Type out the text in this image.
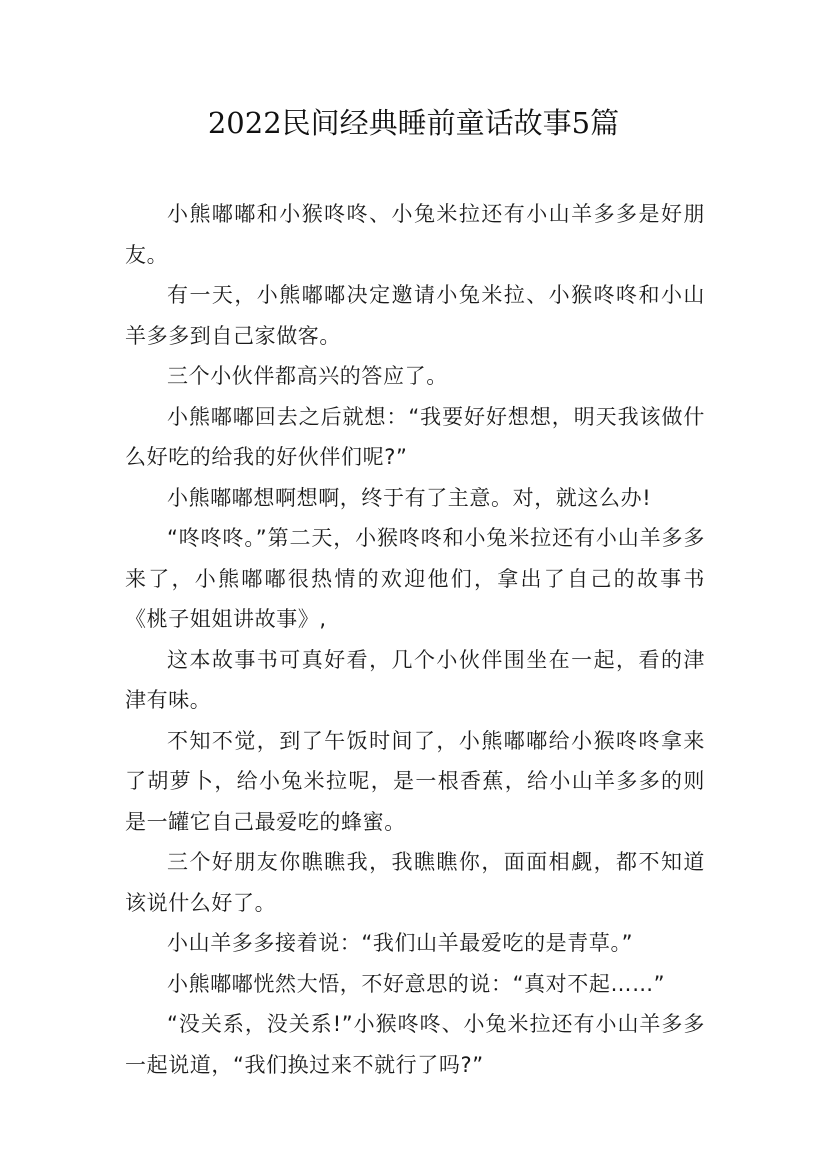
2022民间经典睡前童话故事5篇

小熊嘟嘟和小猴咚咚、小兔米拉还有小山羊多多是好朋友。

有一天，小熊嘟嘟决定邀请小兔米拉、小猴咚咚和小山羊多多到自己家做客。

三个小伙伴都高兴的答应了。

小熊嘟嘟回去之后就想：“我要好好想想，明天我该做什么好吃的给我的好伙伴们呢?”

小熊嘟嘟想啊想啊，终于有了主意。对，就这么办!

“咚咚咚。”第二天，小猴咚咚和小兔米拉还有小山羊多多来了，小熊嘟嘟很热情的欢迎他们，拿出了自己的故事书《桃子姐姐讲故事》,

这本故事书可真好看，几个小伙伴围坐在一起，看的津津有味。

不知不觉，到了午饭时间了，小熊嘟嘟给小猴咚咚拿来了胡萝卜，给小兔米拉呢，是一根香蕉，给小山羊多多的则是一罐它自己最爱吃的蜂蜜。

三个好朋友你瞧瞧我，我瞧瞧你，面面相觑，都不知道该说什么好了。

小山羊多多接着说：“我们山羊最爱吃的是青草。”

小熊嘟嘟恍然大悟，不好意思的说：“真对不起……”

“没关系，没关系!”小猴咚咚、小兔米拉还有小山羊多多一起说道，“我们换过来不就行了吗?”
